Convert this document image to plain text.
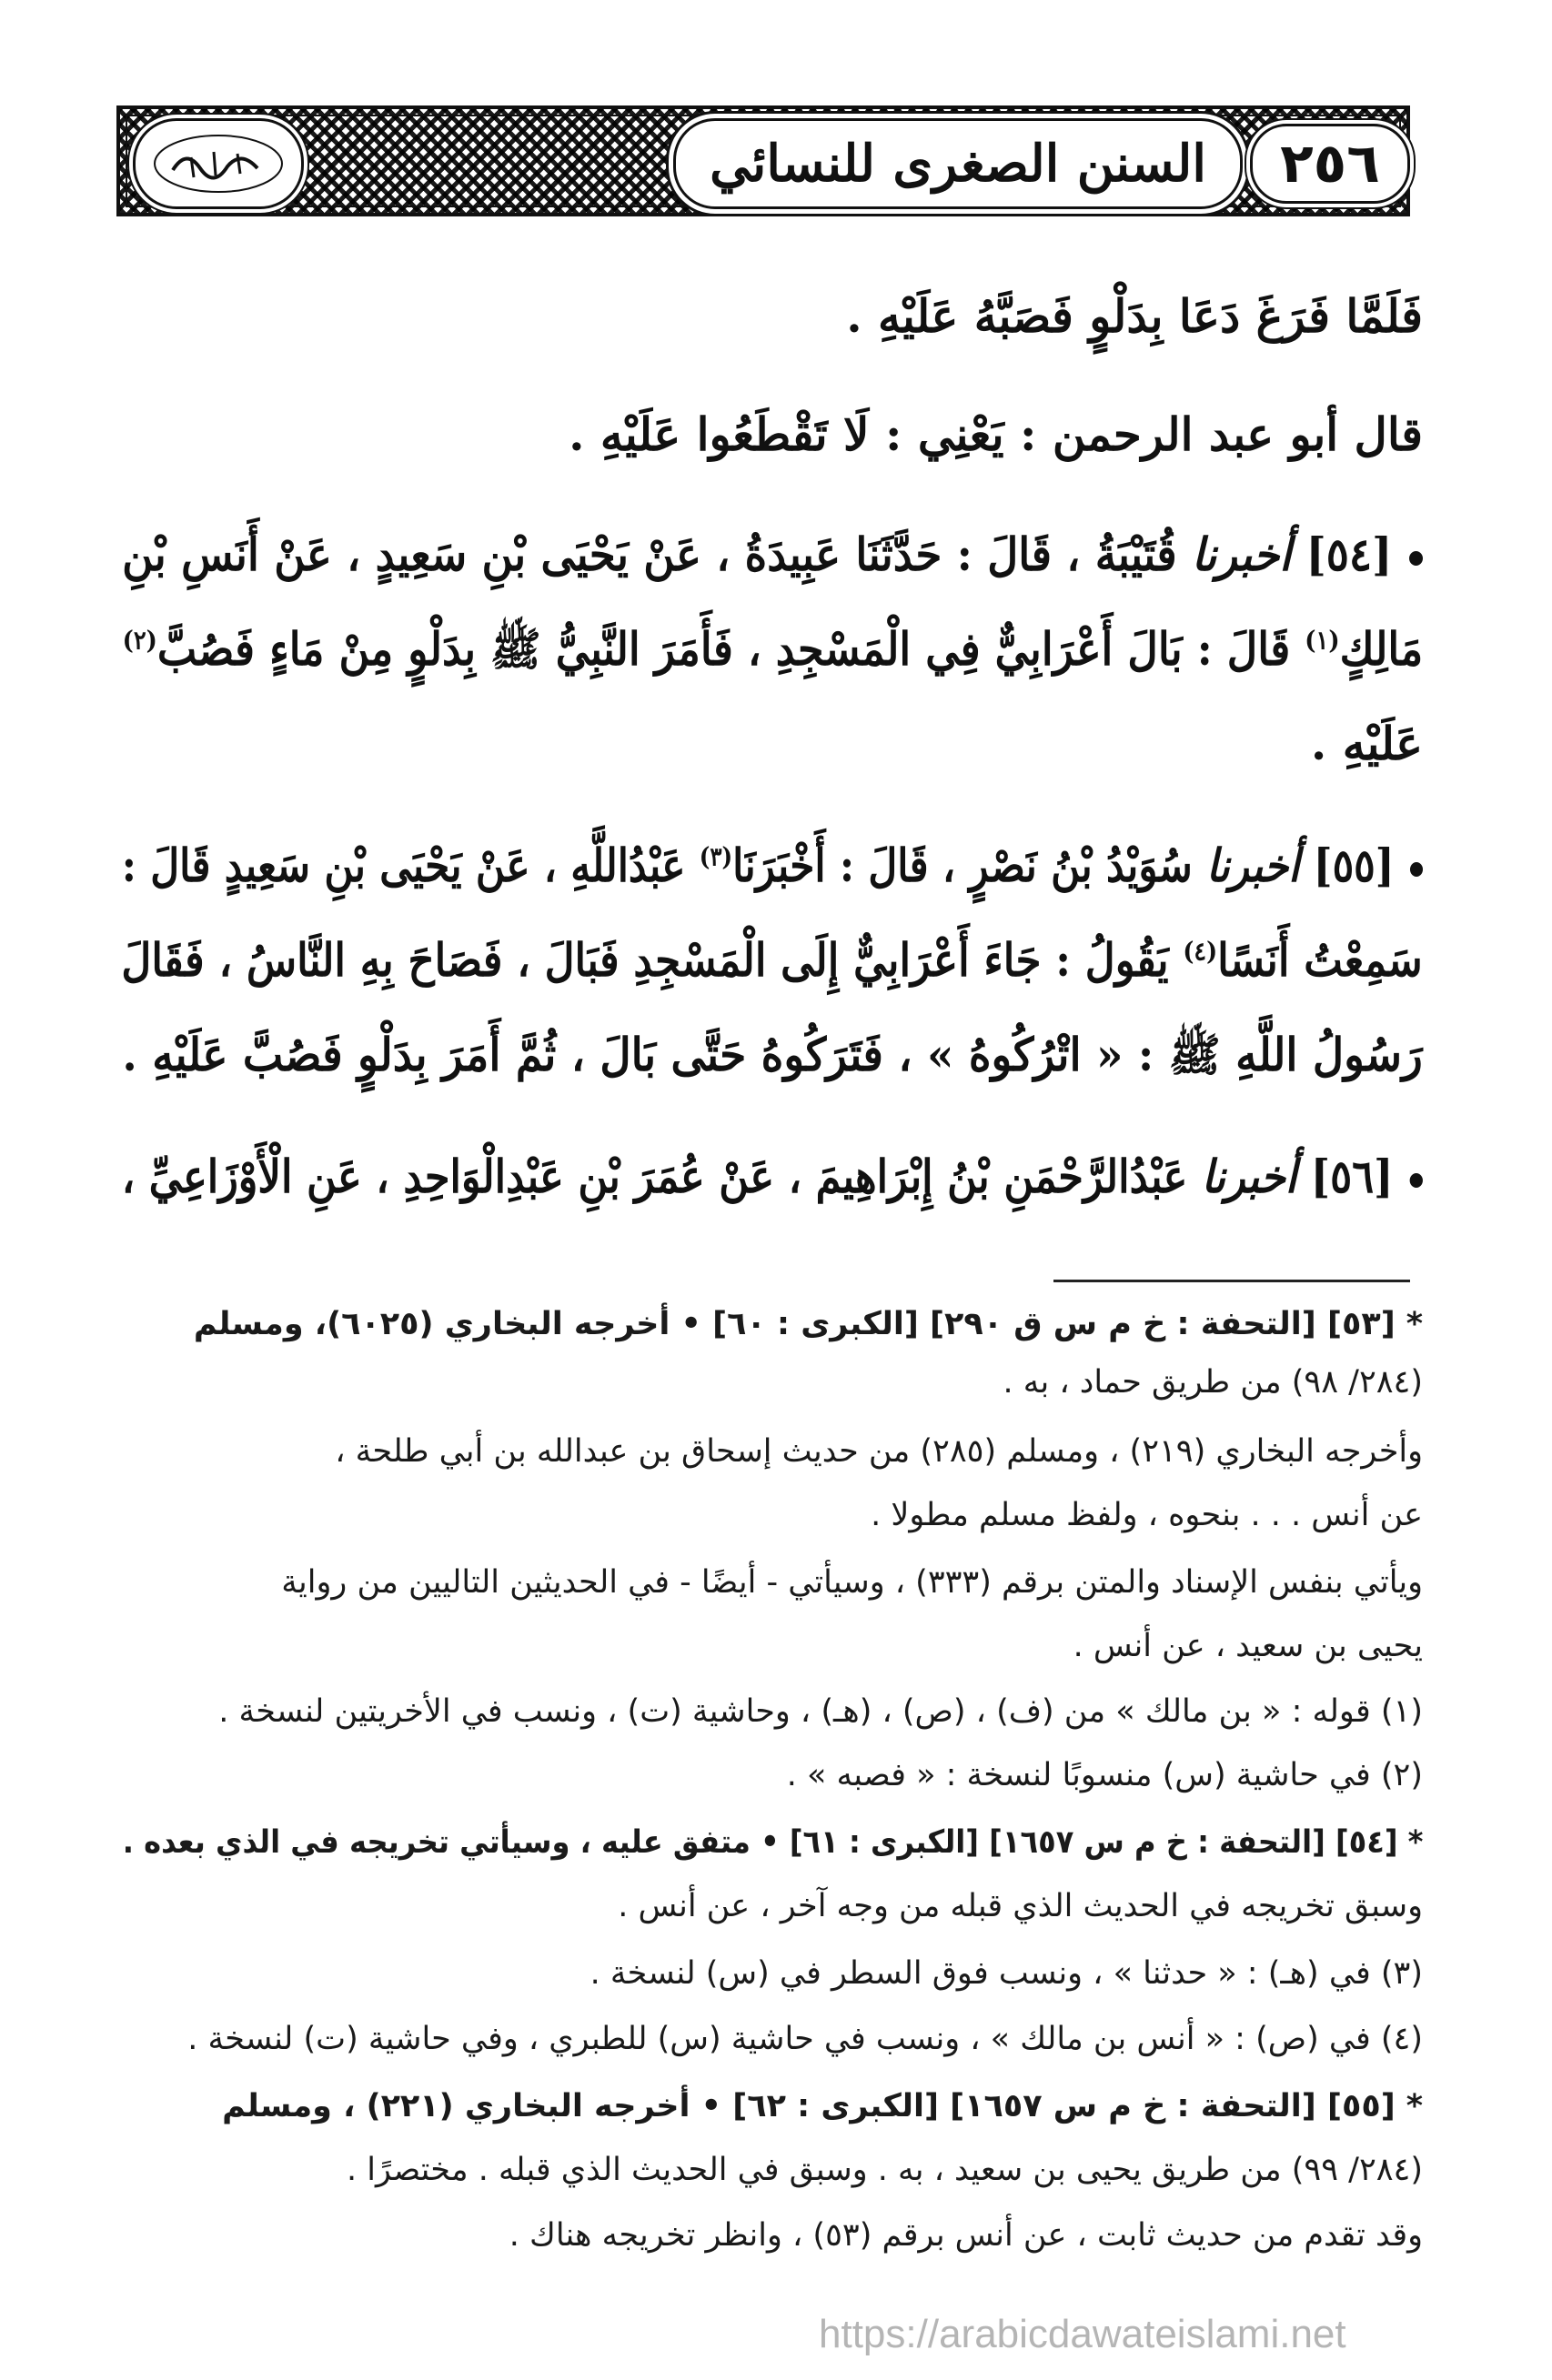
السنن الصغرى للنسائي ٢٥٦
فَلَمَّا فَرَغَ دَعَا بِدَلْوٍ فَصَبَّهُ عَلَيْهِ .
قال أبو عبد الرحمن : يَعْنِي : لَا تَقْطَعُوا عَلَيْهِ .
[٥٤] أخبرنا قُتَيْبَةُ ، قَالَ : حَدَّثَنَا عَبِيدَةُ ، عَنْ يَحْيَى بْنِ سَعِيدٍ ، عَنْ أَنَسِ بْنِ
مَالِكٍ$^{(١)}$ قَالَ : بَالَ أَعْرَابِيٌّ فِي الْمَسْجِدِ ، فَأَمَرَ النَّبِيُّ ﷺ بِدَلْوٍ مِنْ مَاءٍ فَصُبَّ$^{(٢)}$
عَلَيْهِ .
[٥٥] أخبرنا سُوَيْدُ بْنُ نَصْرٍ ، قَالَ : أَخْبَرَنَا$^{(٣)}$ عَبْدُاللَّهِ ، عَنْ يَحْيَى بْنِ سَعِيدٍ قَالَ :
سَمِعْتُ أَنَسًا$^{(٤)}$ يَقُولُ : جَاءَ أَعْرَابِيٌّ إِلَى الْمَسْجِدِ فَبَالَ ، فَصَاحَ بِهِ النَّاسُ ، فَقَالَ
رَسُولُ اللَّهِ ﷺ : « اتْرُكُوهُ » ، فَتَرَكُوهُ حَتَّى بَالَ ، ثُمَّ أَمَرَ بِدَلْوٍ فَصُبَّ عَلَيْهِ .
[٥٦] أخبرنا عَبْدُالرَّحْمَنِ بْنُ إِبْرَاهِيمَ ، عَنْ عُمَرَ بْنِ عَبْدِالْوَاحِدِ ، عَنِ الْأَوْزَاعِيِّ ،
*[٥٣] [التحفة : خ م س ق ٢٩٠] [الكبرى : ٦٠] • أخرجه البخاري (٦٠٢٥)، ومسلم
(٢٨٤/ ٩٨) من طريق حماد ، به .
وأخرجه البخاري (٢١٩) ، ومسلم (٢٨٥) من حديث إسحاق بن عبدالله بن أبي طلحة ،
عن أنس . . . بنحوه ، ولفظ مسلم مطولا .
ويأتي بنفس الإسناد والمتن برقم (٣٣٣) ، وسيأتي - أيضًا - في الحديثين التاليين من رواية
يحيى بن سعيد ، عن أنس .
(١) قوله : « بن مالك » من (ف) ، (ص) ، (هـ) ، وحاشية (ت) ، ونسب في الأخريتين لنسخة .
(٢) في حاشية (س) منسوبًا لنسخة : « فصبه » .
*[٥٤] [التحفة : خ م س ١٦٥٧] [الكبرى : ٦١] • متفق عليه ، وسيأتي تخريجه في الذي بعده .
وسبق تخريجه في الحديث الذي قبله من وجه آخر ، عن أنس .
(٣) في (هـ) : « حدثنا » ، ونسب فوق السطر في (س) لنسخة .
(٤) في (ص) : « أنس بن مالك » ، ونسب في حاشية (س) للطبري ، وفي حاشية (ت) لنسخة .
*[٥٥] [التحفة : خ م س ١٦٥٧] [الكبرى : ٦٢] • أخرجه البخاري (٢٢١) ، ومسلم
(٢٨٤/ ٩٩) من طريق يحيى بن سعيد ، به . وسبق في الحديث الذي قبله . مختصرًا .
وقد تقدم من حديث ثابت ، عن أنس برقم (٥٣) ، وانظر تخريجه هناك .
https://arabicdawateislami.net
